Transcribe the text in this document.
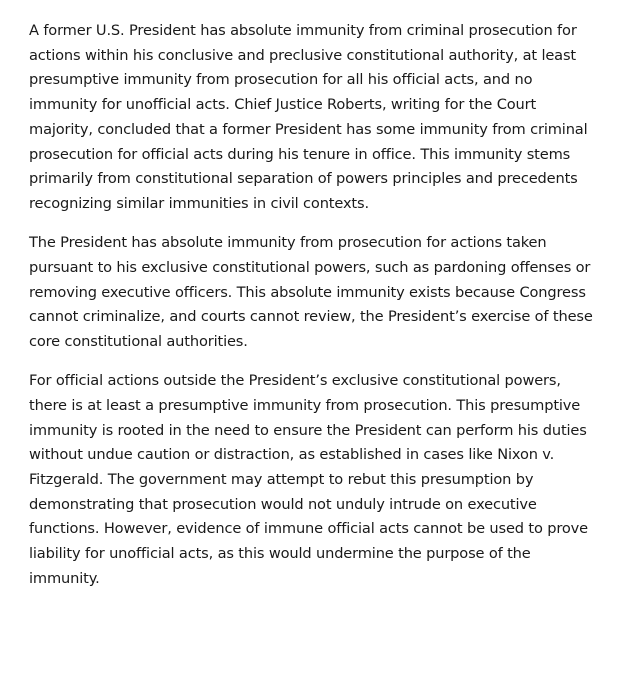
A former U.S. President has absolute immunity from criminal prosecution for actions within his conclusive and preclusive constitutional authority, at least presumptive immunity from prosecution for all his official acts, and no immunity for unofficial acts. Chief Justice Roberts, writing for the Court majority, concluded that a former President has some immunity from criminal prosecution for official acts during his tenure in office. This immunity stems primarily from constitutional separation of powers principles and precedents recognizing similar immunities in civil contexts.

The President has absolute immunity from prosecution for actions taken pursuant to his exclusive constitutional powers, such as pardoning offenses or removing executive officers. This absolute immunity exists because Congress cannot criminalize, and courts cannot review, the President’s exercise of these core constitutional authorities.

For official actions outside the President’s exclusive constitutional powers, there is at least a presumptive immunity from prosecution. This presumptive immunity is rooted in the need to ensure the President can perform his duties without undue caution or distraction, as established in cases like Nixon v. Fitzgerald. The government may attempt to rebut this presumption by demonstrating that prosecution would not unduly intrude on executive functions. However, evidence of immune official acts cannot be used to prove liability for unofficial acts, as this would undermine the purpose of the immunity.
